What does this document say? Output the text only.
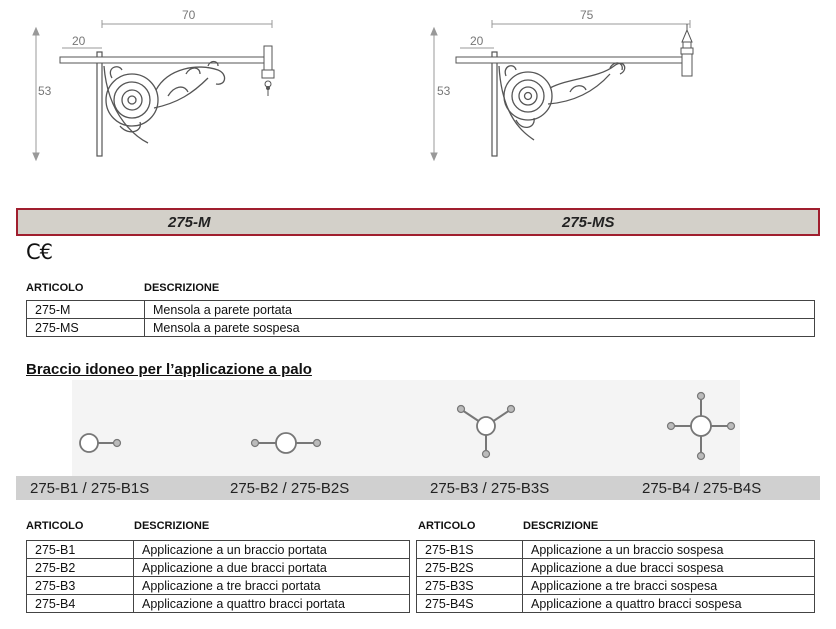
70
20
53
75
20
53
275-M	275-MS
C€
ARTICOLO	DESCRIZIONE
275-M	Mensola a parete portata
275-MS	Mensola a parete sospesa
Braccio idoneo per l’applicazione a palo
275-B1 / 275-B1S	275-B2 / 275-B2S	275-B3 / 275-B3S	275-B4 / 275-B4S
ARTICOLO	DESCRIZIONE	ARTICOLO	DESCRIZIONE
275-B1	Applicazione a un braccio portata
275-B2	Applicazione a due bracci portata
275-B3	Applicazione a tre bracci portata
275-B4	Applicazione a quattro bracci portata
275-B1S	Applicazione a un braccio sospesa
275-B2S	Applicazione a due bracci sospesa
275-B3S	Applicazione a tre bracci sospesa
275-B4S	Applicazione a quattro bracci sospesa
